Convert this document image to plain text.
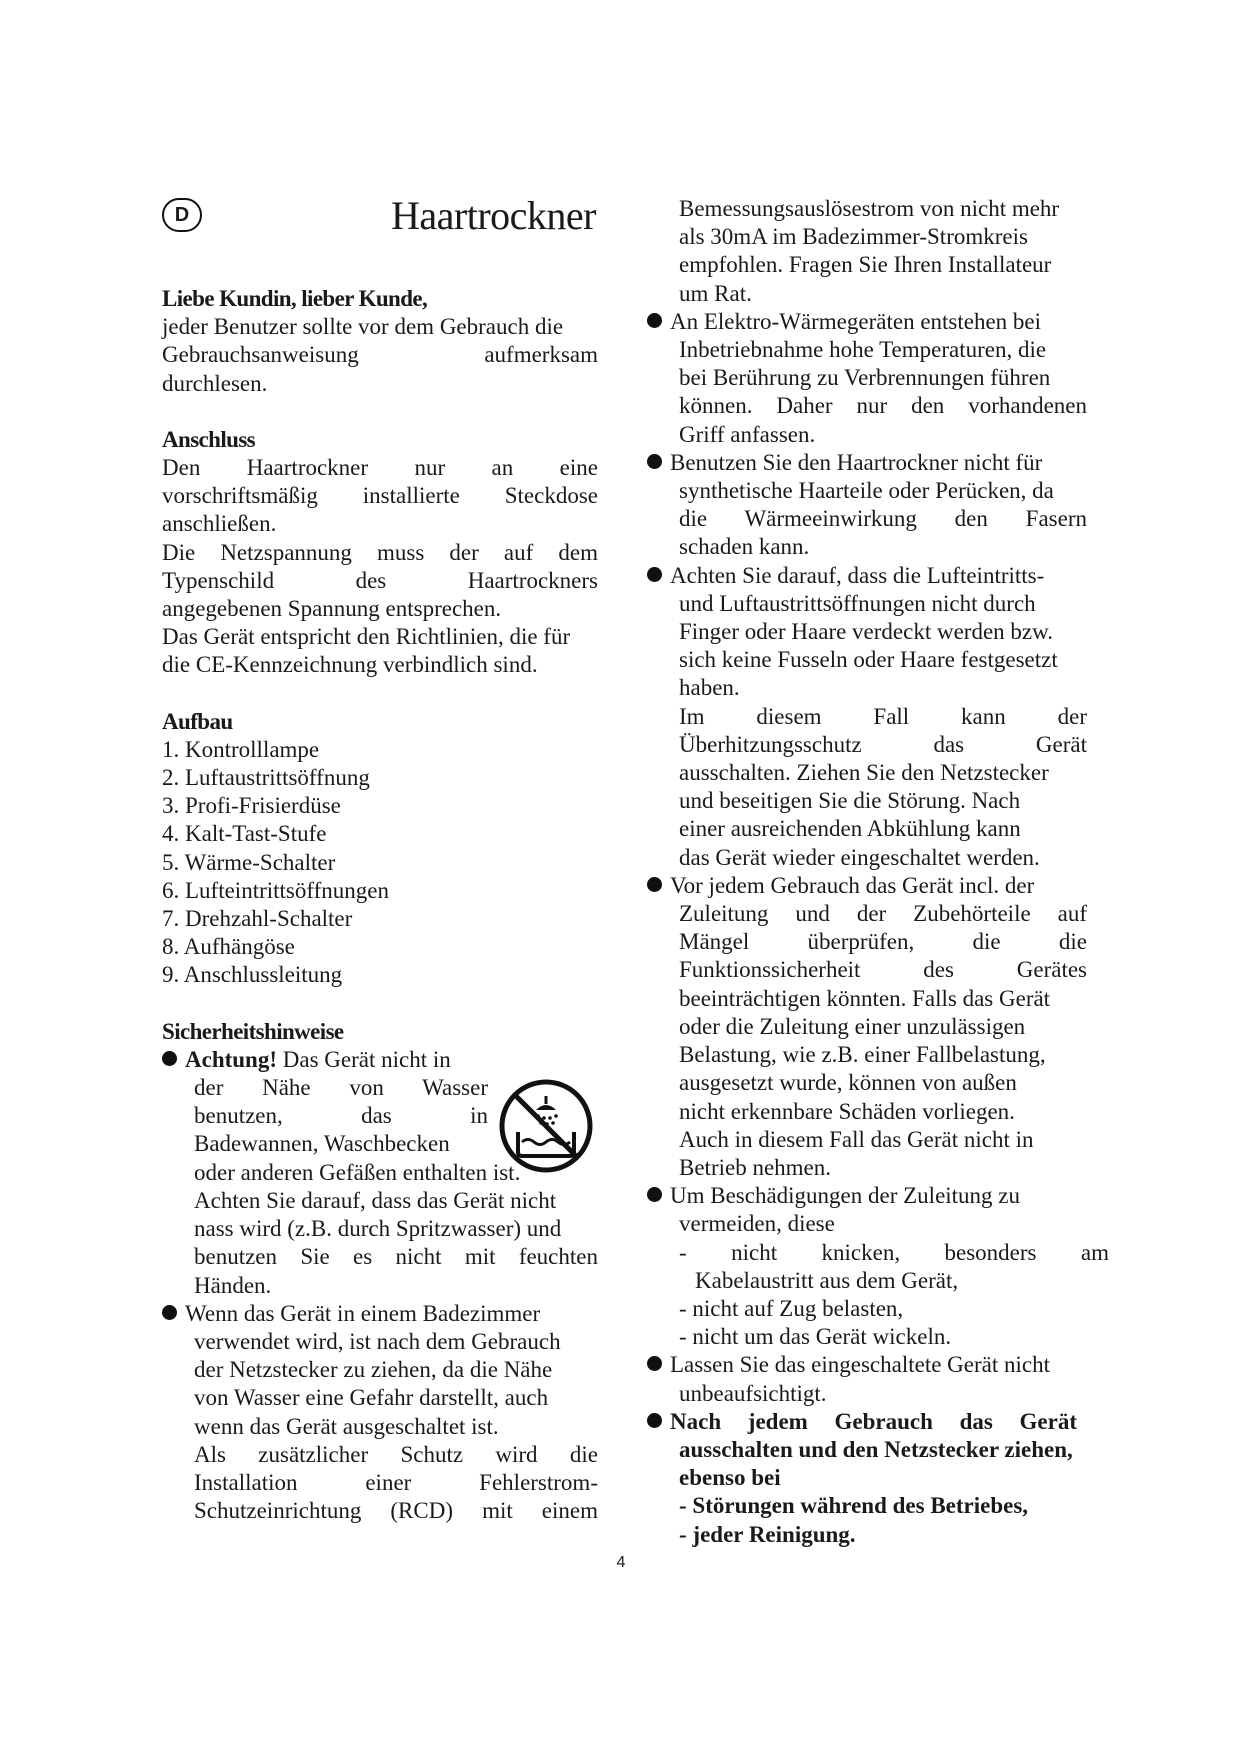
D	Haartrockner

Liebe Kundin, lieber Kunde,

jeder Benutzer sollte vor dem Gebrauch die

Gebrauchsanweisung aufmerksam

durchlesen.

Anschluss

Den Haartrockner nur an eine

vorschriftsmäßig installierte Steckdose

anschließen.

Die Netzspannung muss der auf dem

Typenschild des Haartrockners

angegebenen Spannung entsprechen.

Das Gerät entspricht den Richtlinien, die für

die CE-Kennzeichnung verbindlich sind.

Aufbau

1. Kontrolllampe

2. Luftaustrittsöffnung

3. Profi-Frisierdüse

4. Kalt-Tast-Stufe

5. Wärme-Schalter

6. Lufteintrittsöffnungen

7. Drehzahl-Schalter

8. Aufhängöse

9. Anschlussleitung

Sicherheitshinweise

Achtung! Das Gerät nicht in

der Nähe von Wasser

benutzen, das in

Badewannen, Waschbecken

oder anderen Gefäßen enthalten ist.

Achten Sie darauf, dass das Gerät nicht

nass wird (z.B. durch Spritzwasser) und

benutzen Sie es nicht mit feuchten

Händen.

Wenn das Gerät in einem Badezimmer

verwendet wird, ist nach dem Gebrauch

der Netzstecker zu ziehen, da die Nähe

von Wasser eine Gefahr darstellt, auch

wenn das Gerät ausgeschaltet ist.

Als zusätzlicher Schutz wird die

Installation einer Fehlerstrom-

Schutzeinrichtung (RCD) mit einem

Bemessungsauslösestrom von nicht mehr

als 30mA im Badezimmer-Stromkreis

empfohlen. Fragen Sie Ihren Installateur

um Rat.

An Elektro-Wärmegeräten entstehen bei

Inbetriebnahme hohe Temperaturen, die

bei Berührung zu Verbrennungen führen

können. Daher nur den vorhandenen

Griff anfassen.

Benutzen Sie den Haartrockner nicht für

synthetische Haarteile oder Perücken, da

die Wärmeeinwirkung den Fasern

schaden kann.

Achten Sie darauf, dass die Lufteintritts-

und Luftaustrittsöffnungen nicht durch

Finger oder Haare verdeckt werden bzw.

sich keine Fusseln oder Haare festgesetzt

haben.

Im diesem Fall kann der

Überhitzungsschutz das Gerät

ausschalten. Ziehen Sie den Netzstecker

und beseitigen Sie die Störung. Nach

einer ausreichenden Abkühlung kann

das Gerät wieder eingeschaltet werden.

Vor jedem Gebrauch das Gerät incl. der

Zuleitung und der Zubehörteile auf

Mängel überprüfen, die die

Funktionssicherheit des Gerätes

beeinträchtigen könnten. Falls das Gerät

oder die Zuleitung einer unzulässigen

Belastung, wie z.B. einer Fallbelastung,

ausgesetzt wurde, können von außen

nicht erkennbare Schäden vorliegen.

Auch in diesem Fall das Gerät nicht in

Betrieb nehmen.

Um Beschädigungen der Zuleitung zu

vermeiden, diese

- nicht knicken, besonders am

Kabelaustritt aus dem Gerät,

- nicht auf Zug belasten,

- nicht um das Gerät wickeln.

Lassen Sie das eingeschaltete Gerät nicht

unbeaufsichtigt.

Nach jedem Gebrauch das Gerät

ausschalten und den Netzstecker ziehen,

ebenso bei

- Störungen während des Betriebes,

- jeder Reinigung.

4
